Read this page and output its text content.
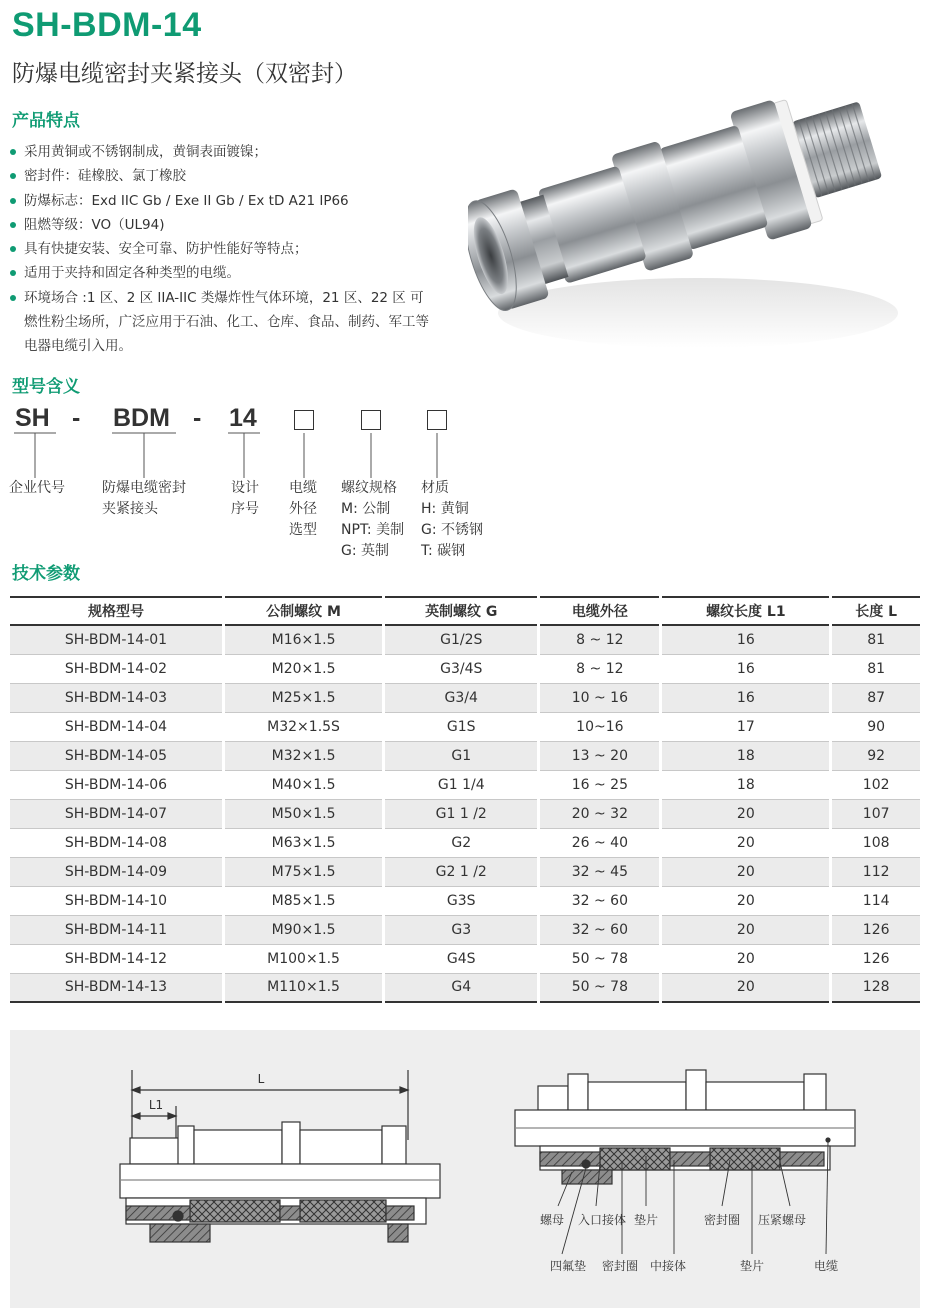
SH-BDM-14
防爆电缆密封夹紧接头（双密封）
产品特点
采用黄铜或不锈钢制成，黄铜表面镀镍；
密封件：硅橡胶、氯丁橡胶
防爆标志：Exd IIC Gb / Exe II Gb / Ex tD A21 IP66
阻燃等级：VO（UL94)
具有快捷安装、安全可靠、防护性能好等特点；
适用于夹持和固定各种类型的电缆。
环境场合 :1 区、2 区 IIA-IIC 类爆炸性气体环境，21 区、22 区 可燃性粉尘场所，广泛应用于石油、化工、仓库、食品、制药、军工等电器电缆引入用。
型号含义
SH - BDM - 14
企业代号	防爆电缆密封
夹紧接头
设计
序号
电缆
外径
选型
螺纹规格
M: 公制
NPT: 美制
G: 英制
材质
H: 黄铜
G: 不锈钢
T: 碳钢
技术参数
规格型号	公制螺纹 M	英制螺纹 G	电缆外径	螺纹长度 L1	长度 L
SH-BDM-14-01	M16×1.5	G1/2S	8 ~ 12	16	81
SH-BDM-14-02	M20×1.5	G3/4S	8 ~ 12	16	81
SH-BDM-14-03	M25×1.5	G3/4	10 ~ 16	16	87
SH-BDM-14-04	M32×1.5S	G1S	10~16	17	90
SH-BDM-14-05	M32×1.5	G1	13 ~ 20	18	92
SH-BDM-14-06	M40×1.5	G1 1/4	16 ~ 25	18	102
SH-BDM-14-07	M50×1.5	G1 1 /2	20 ~ 32	20	107
SH-BDM-14-08	M63×1.5	G2	26 ~ 40	20	108
SH-BDM-14-09	M75×1.5	G2 1 /2	32 ~ 45	20	112
SH-BDM-14-10	M85×1.5	G3S	32 ~ 60	20	114
SH-BDM-14-11	M90×1.5	G3	32 ~ 60	20	126
SH-BDM-14-12	M100×1.5	G4S	50 ~ 78	20	126
SH-BDM-14-13	M110×1.5	G4	50 ~ 78	20	128
L
L1
螺母 入口接体 垫片	密封圈 压紧螺母
四氟垫 密封圈 中接体	垫片	电缆
